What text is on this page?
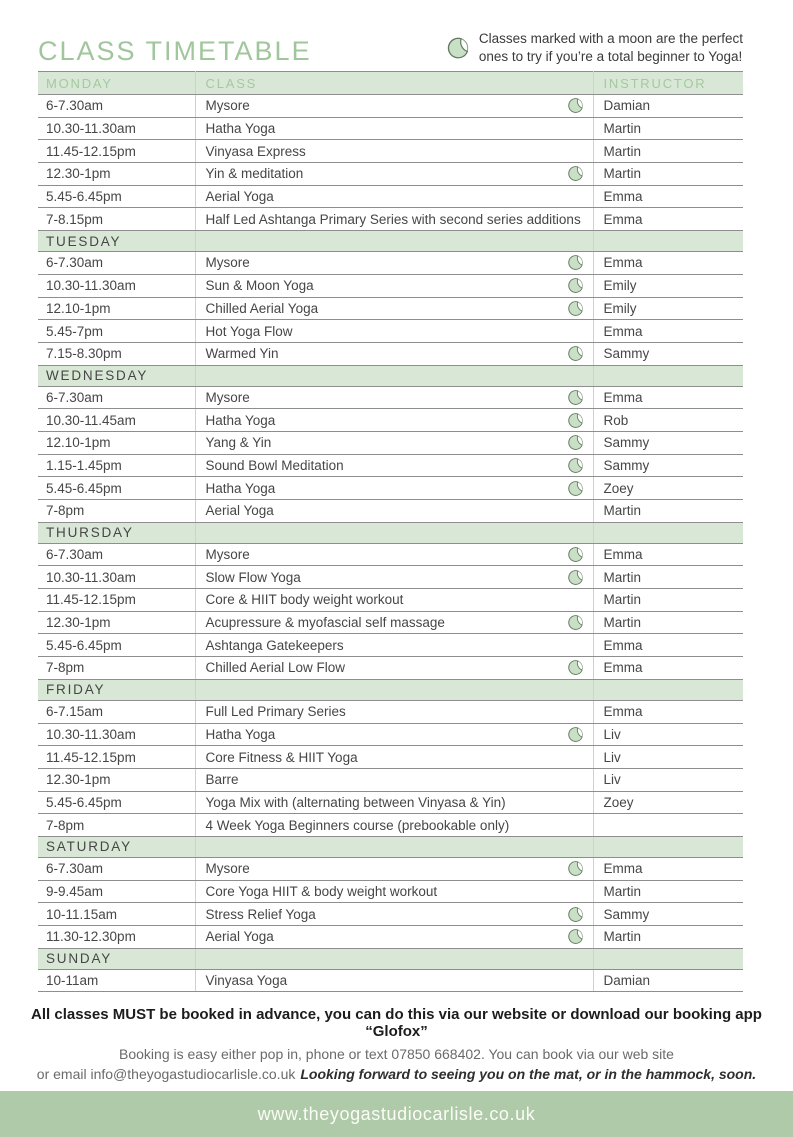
CLASS TIMETABLE	Classes marked with a moon are the perfect
ones to try if you’re a total beginner to Yoga!
MONDAY	CLASS	INSTRUCTOR
6-7.30am	Mysore	Damian
10.30-11.30am	Hatha Yoga	Martin
11.45-12.15pm	Vinyasa Express	Martin
12.30-1pm	Yin & meditation	Martin
5.45-6.45pm	Aerial Yoga	Emma
7-8.15pm	Half Led Ashtanga Primary Series with second series additions	Emma
TUESDAY		
6-7.30am	Mysore	Emma
10.30-11.30am	Sun & Moon Yoga	Emily
12.10-1pm	Chilled Aerial Yoga	Emily
5.45-7pm	Hot Yoga Flow	Emma
7.15-8.30pm	Warmed Yin	Sammy
WEDNESDAY		
6-7.30am	Mysore	Emma
10.30-11.45am	Hatha Yoga	Rob
12.10-1pm	Yang & Yin	Sammy
1.15-1.45pm	Sound Bowl Meditation	Sammy
5.45-6.45pm	Hatha Yoga	Zoey
7-8pm	Aerial Yoga	Martin
THURSDAY		
6-7.30am	Mysore	Emma
10.30-11.30am	Slow Flow Yoga	Martin
11.45-12.15pm	Core & HIIT body weight workout	Martin
12.30-1pm	Acupressure & myofascial self massage	Martin
5.45-6.45pm	Ashtanga Gatekeepers	Emma
7-8pm	Chilled Aerial Low Flow	Emma
FRIDAY		
6-7.15am	Full Led Primary Series	Emma
10.30-11.30am	Hatha Yoga	Liv
11.45-12.15pm	Core Fitness & HIIT Yoga	Liv
12.30-1pm	Barre	Liv
5.45-6.45pm	Yoga Mix with (alternating between Vinyasa & Yin)	Zoey
7-8pm	4 Week Yoga Beginners course (prebookable only)	

SATURDAY		
6-7.30am	Mysore	Emma
9-9.45am	Core Yoga HIIT & body weight workout	Martin
10-11.15am	Stress Relief Yoga	Sammy
11.30-12.30pm	Aerial Yoga	Martin
SUNDAY		
10-11am	Vinyasa Yoga	Damian

All classes MUST be booked in advance, you can do this via our website or download our booking app “Glofox”

Booking is easy either pop in, phone or text 07850 668402. You can book via our web site

or email info@theyogastudiocarlisle.co.uk Looking forward to seeing you on the mat, or in the hammock, soon.

www.theyogastudiocarlisle.co.uk
